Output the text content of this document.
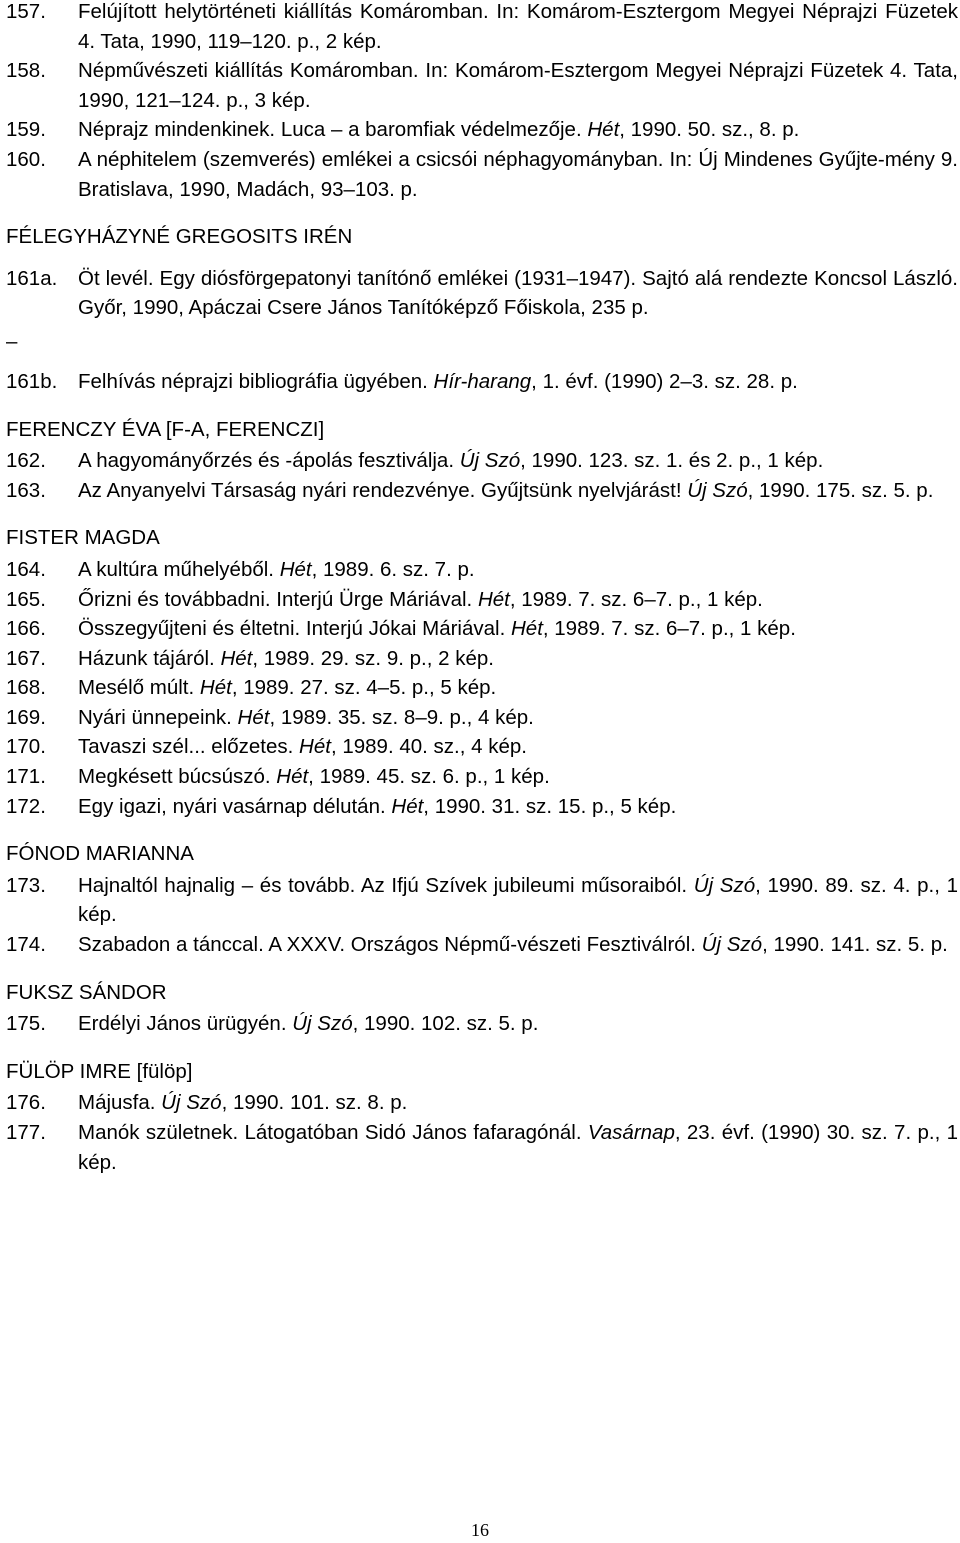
157.	Felújított helytörténeti kiállítás Komáromban. In: Komárom-Esztergom Megyei Néprajzi Füzetek 4. Tata, 1990, 119–120. p., 2 kép.
158.	Népművészeti kiállítás Komáromban. In: Komárom-Esztergom Megyei Néprajzi Füzetek 4. Tata, 1990, 121–124. p., 3 kép.
159.	Néprajz mindenkinek. Luca – a baromfiak védelmezője. Hét, 1990. 50. sz., 8. p.
160.	A néphitelem (szemverés) emlékei a csicsói néphagyományban. In: Új Mindenes Gyűjte-mény 9. Bratislava, 1990, Madách, 93–103. p.
FÉLEGYHÁZYNÉ GREGOSITS IRÉN
161a.	Öt levél. Egy diósförgepatonyi tanítónő emlékei (1931–1947). Sajtó alá rendezte Koncsol László. Győr, 1990, Apáczai Csere János Tanítóképző Főiskola, 235 p.
–
161b.	Felhívás néprajzi bibliográfia ügyében. Hír-harang, 1. évf. (1990) 2–3. sz. 28. p.
FERENCZY ÉVA [F-A, FERENCZI]
162.	A hagyományőrzés és -ápolás fesztiválja. Új Szó, 1990. 123. sz. 1. és 2. p., 1 kép.
163.	Az Anyanyelvi Társaság nyári rendezvénye. Gyűjtsünk nyelvjárást! Új Szó, 1990. 175. sz. 5. p.
FISTER MAGDA
164.	A kultúra műhelyéből. Hét, 1989. 6. sz. 7. p.
165.	Őrizni és továbbadni. Interjú Ürge Máriával. Hét, 1989. 7. sz. 6–7. p., 1 kép.
166.	Összegyűjteni és éltetni. Interjú Jókai Máriával. Hét, 1989. 7. sz. 6–7. p., 1 kép.
167.	Házunk tájáról. Hét, 1989. 29. sz. 9. p., 2 kép.
168.	Mesélő múlt. Hét, 1989. 27. sz. 4–5. p., 5 kép.
169.	Nyári ünnepeink. Hét, 1989. 35. sz. 8–9. p., 4 kép.
170.	Tavaszi szél... előzetes. Hét, 1989. 40. sz., 4 kép.
171.	Megkésett búcsúszó. Hét, 1989. 45. sz. 6. p., 1 kép.
172.	Egy igazi, nyári vasárnap délután. Hét, 1990. 31. sz. 15. p., 5 kép.
FÓNOD MARIANNA
173.	Hajnaltól hajnalig – és tovább. Az Ifjú Szívek jubileumi műsoraiból. Új Szó, 1990. 89. sz. 4. p., 1 kép.
174.	Szabadon a tánccal. A XXXV. Országos Népmű-vészeti Fesztiválról. Új Szó, 1990. 141. sz. 5. p.
FUKSZ SÁNDOR
175.	Erdélyi János ürügyén. Új Szó, 1990. 102. sz. 5. p.
FÜLÖP IMRE [fülöp]
176.	Májusfa. Új Szó, 1990. 101. sz. 8. p.
177.	Manók születnek. Látogatóban Sidó János fafaragónál. Vasárnap, 23. évf. (1990) 30. sz. 7. p., 1 kép.
16
